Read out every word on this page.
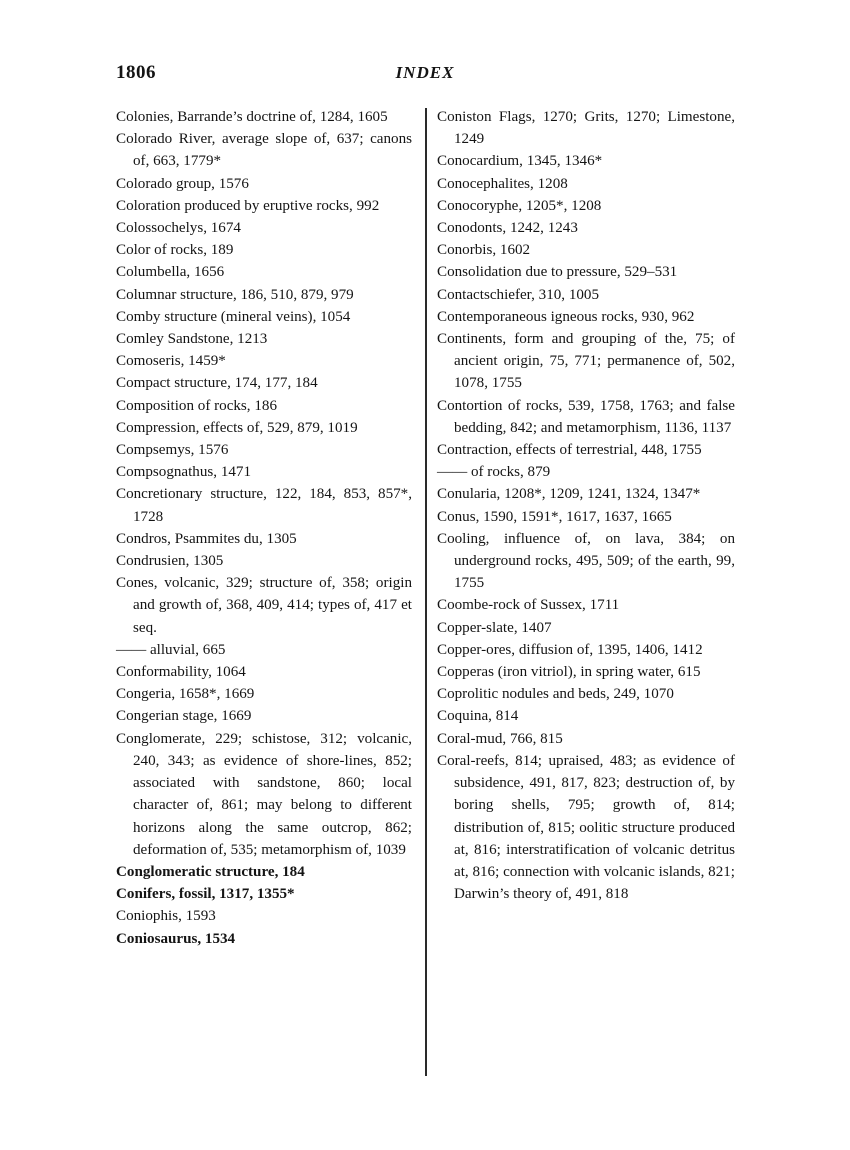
1806	INDEX

Colonies, Barrande’s doctrine of, 1284, 1605

Colorado River, average slope of, 637; canons of, 663, 1779*

Colorado group, 1576

Coloration produced by eruptive rocks, 992

Colossochelys, 1674

Color of rocks, 189

Columbella, 1656

Columnar structure, 186, 510, 879, 979

Comby structure (mineral veins), 1054

Comley Sandstone, 1213

Comoseris, 1459*

Compact structure, 174, 177, 184

Composition of rocks, 186

Compression, effects of, 529, 879, 1019

Compsemys, 1576

Compsognathus, 1471

Concretionary structure, 122, 184, 853, 857*, 1728

Condros, Psammites du, 1305

Condrusien, 1305

Cones, volcanic, 329; structure of, 358; origin and growth of, 368, 409, 414; types of, 417 et seq.

—— alluvial, 665

Conformability, 1064

Congeria, 1658*, 1669

Congerian stage, 1669

Conglomerate, 229; schistose, 312; volcanic, 240, 343; as evidence of shore-lines, 852; associated with sandstone, 860; local character of, 861; may belong to different horizons along the same outcrop, 862; deformation of, 535; metamorphism of, 1039

Conglomeratic structure, 184

Conifers, fossil, 1317, 1355*

Coniophis, 1593

Coniosaurus, 1534

Coniston Flags, 1270; Grits, 1270; Limestone, 1249

Conocardium, 1345, 1346*

Conocephalites, 1208

Conocoryphe, 1205*, 1208

Conodonts, 1242, 1243

Conorbis, 1602

Consolidation due to pressure, 529–531

Contactschiefer, 310, 1005

Contemporaneous igneous rocks, 930, 962

Continents, form and grouping of the, 75; of ancient origin, 75, 771; permanence of, 502, 1078, 1755

Contortion of rocks, 539, 1758, 1763; and false bedding, 842; and metamorphism, 1136, 1137

Contraction, effects of terrestrial, 448, 1755

—— of rocks, 879

Conularia, 1208*, 1209, 1241, 1324, 1347*

Conus, 1590, 1591*, 1617, 1637, 1665

Cooling, influence of, on lava, 384; on underground rocks, 495, 509; of the earth, 99, 1755

Coombe-rock of Sussex, 1711

Copper-slate, 1407

Copper-ores, diffusion of, 1395, 1406, 1412

Copperas (iron vitriol), in spring water, 615

Coprolitic nodules and beds, 249, 1070

Coquina, 814

Coral-mud, 766, 815

Coral-reefs, 814; upraised, 483; as evidence of subsidence, 491, 817, 823; destruction of, by boring shells, 795; growth of, 814; distribution of, 815; oolitic structure produced at, 816; interstratification of volcanic detritus at, 816; connection with volcanic islands, 821; Darwin’s theory of, 491, 818
